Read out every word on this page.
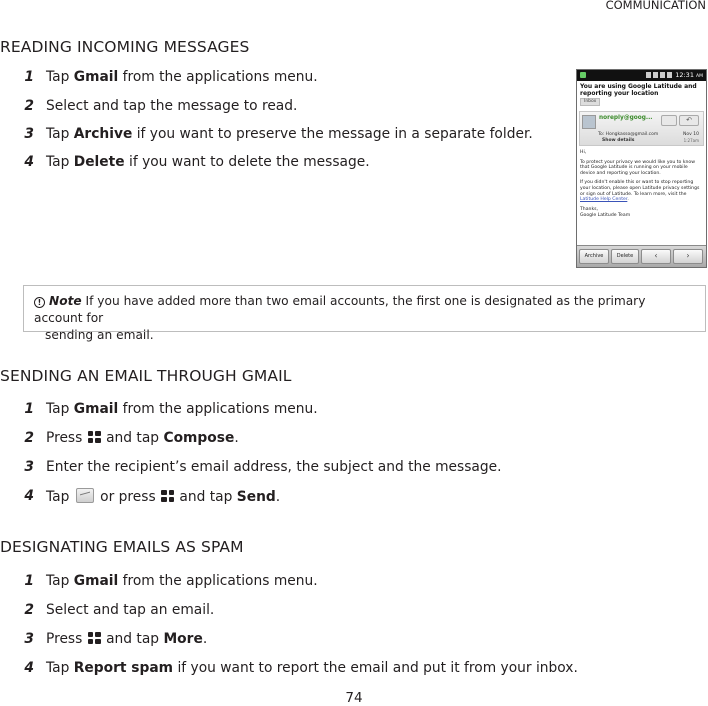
COMMUNICATION
READING INCOMING MESSAGES
1 Tap Gmail from the applications menu.
2 Select and tap the message to read.
3 Tap Archive if you want to preserve the message in a separate folder.
4 Tap Delete if you want to delete the message.
12:31 AM
You are using Google Latitude and reporting your location
Inbox
noreply@goog...	↶
To: Hongkasso@gmail.com	Nov 10
Show details	1:27am

Hi,

To protect your privacy we would like you to know that Google Latitude is running on your mobile device and reporting your location.

If you didn't enable this or want to stop reporting your location, please open Latitude privacy settings or sign out of Latitude. To learn more, visit the Latitude Help Center.

Thanks,

Google Latitude Team

Archive	Delete	‹	›
! Note If you have added more than two email accounts, the first one is designated as the primary account for
sending an email.
SENDING AN EMAIL THROUGH GMAIL
1 Tap Gmail from the applications menu.
2 Press
and tap Compose.
3 Enter the recipient’s email address, the subject and the message.
4 Tap  or press
and tap Send.
DESIGNATING EMAILS AS SPAM
1 Tap Gmail from the applications menu.
2 Select and tap an email.
3 Press
and tap More.
4 Tap Report spam if you want to report the email and put it from your inbox.
74
